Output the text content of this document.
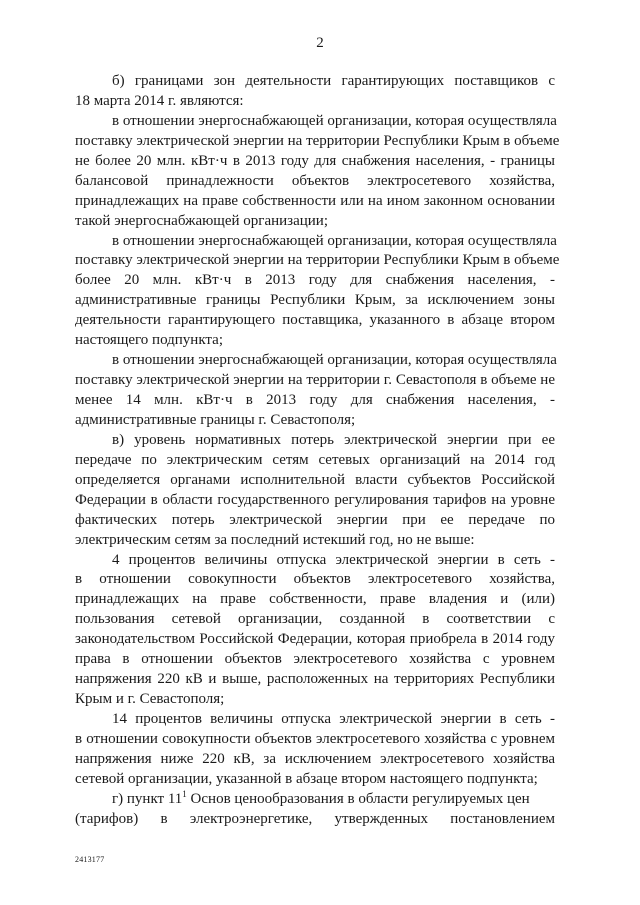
2
б) границами зон деятельности гарантирующих поставщиков с
18 марта 2014 г. являются:
в отношении энергоснабжающей организации, которая осуществляла
поставку электрической энергии на территории Республики Крым в объеме
не более 20 млн. кВт·ч в 2013 году для снабжения населения, - границы
балансовой принадлежности объектов электросетевого хозяйства,
принадлежащих на праве собственности или на ином законном основании
такой энергоснабжающей организации;
в отношении энергоснабжающей организации, которая осуществляла
поставку электрической энергии на территории Республики Крым в объеме
более 20 млн. кВт·ч в 2013 году для снабжения населения, -
административные границы Республики Крым, за исключением зоны
деятельности гарантирующего поставщика, указанного в абзаце втором
настоящего подпункта;
в отношении энергоснабжающей организации, которая осуществляла
поставку электрической энергии на территории г. Севастополя в объеме не
менее 14 млн. кВт·ч в 2013 году для снабжения населения, -
административные границы г. Севастополя;
в) уровень нормативных потерь электрической энергии при ее
передаче по электрическим сетям сетевых организаций на 2014 год
определяется органами исполнительной власти субъектов Российской
Федерации в области государственного регулирования тарифов на уровне
фактических потерь электрической энергии при ее передаче по
электрическим сетям за последний истекший год, но не выше:
4 процентов величины отпуска электрической энергии в сеть -
в отношении совокупности объектов электросетевого хозяйства,
принадлежащих на праве собственности, праве владения и (или)
пользования сетевой организации, созданной в соответствии с
законодательством Российской Федерации, которая приобрела в 2014 году
права в отношении объектов электросетевого хозяйства с уровнем
напряжения 220 кВ и выше, расположенных на территориях Республики
Крым и г. Севастополя;
14 процентов величины отпуска электрической энергии в сеть -
в отношении совокупности объектов электросетевого хозяйства с уровнем
напряжения ниже 220 кВ, за исключением электросетевого хозяйства
сетевой организации, указанной в абзаце втором настоящего подпункта;
г) пункт $11^1$ Основ ценообразования в области регулируемых цен
(тарифов) в электроэнергетике, утвержденных постановлением
2413177
